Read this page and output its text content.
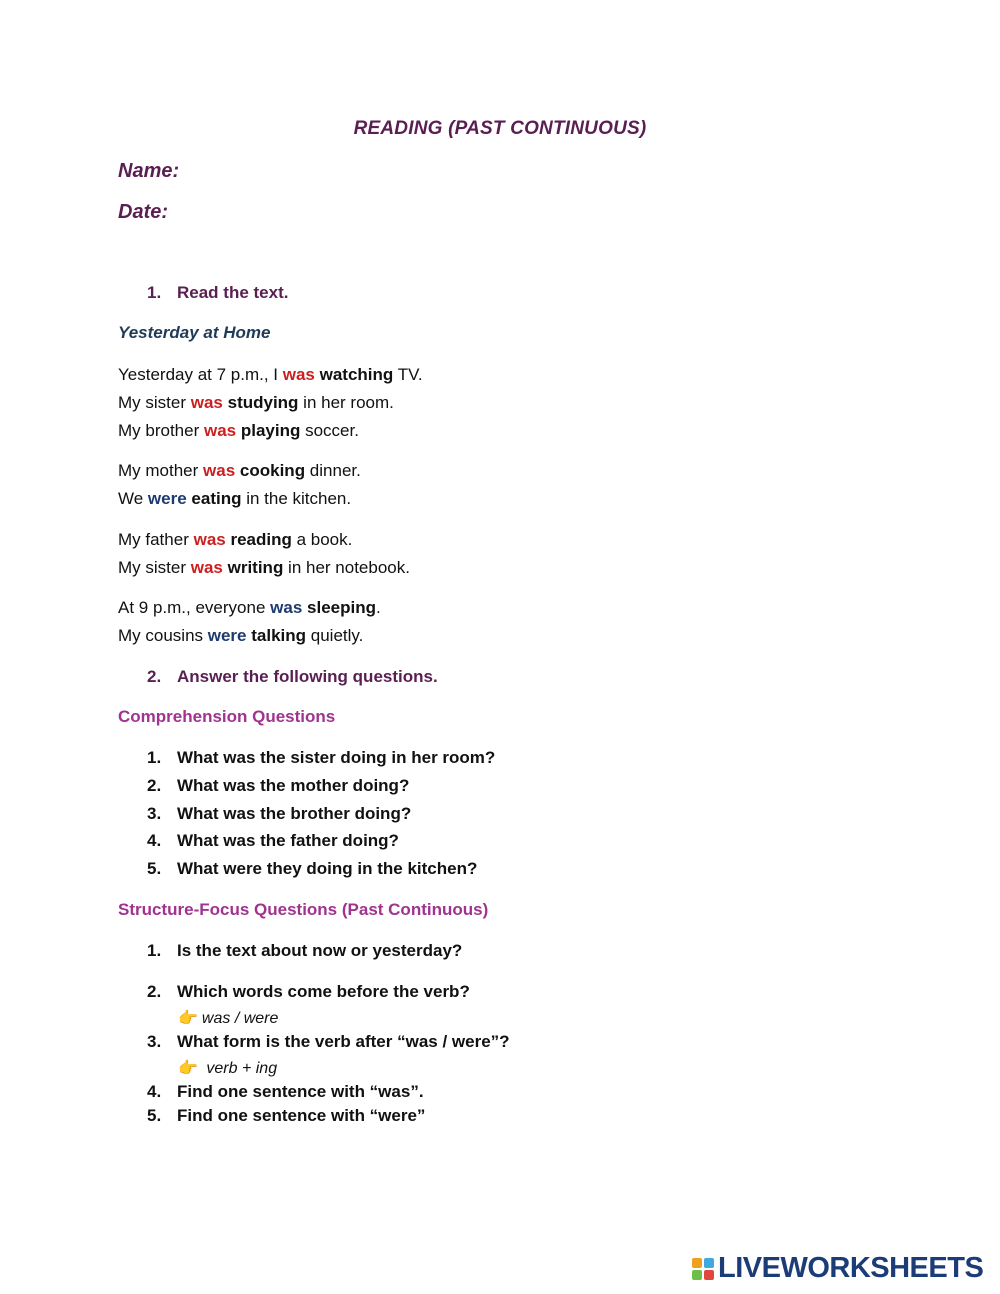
READING (PAST CONTINUOUS)
Name:
Date:
1. Read the text.
Yesterday at Home
Yesterday at 7 p.m., I was watching TV.
My sister was studying in her room.
My brother was playing soccer.
My mother was cooking dinner.
We were eating in the kitchen.
My father was reading a book.
My sister was writing in her notebook.
At 9 p.m., everyone was sleeping.
My cousins were talking quietly.
2. Answer the following questions.
Comprehension Questions
1. What was the sister doing in her room?
2. What was the mother doing?
3. What was the brother doing?
4. What was the father doing?
5. What were they doing in the kitchen?
Structure-Focus Questions (Past Continuous)
1. Is the text about now or yesterday?
2. Which words come before the verb?
👉 was / were
3. What form is the verb after “was / were”?
👉 verb + ing
4. Find one sentence with “was”.
5. Find one sentence with “were”
LIVEWORKSHEETS
